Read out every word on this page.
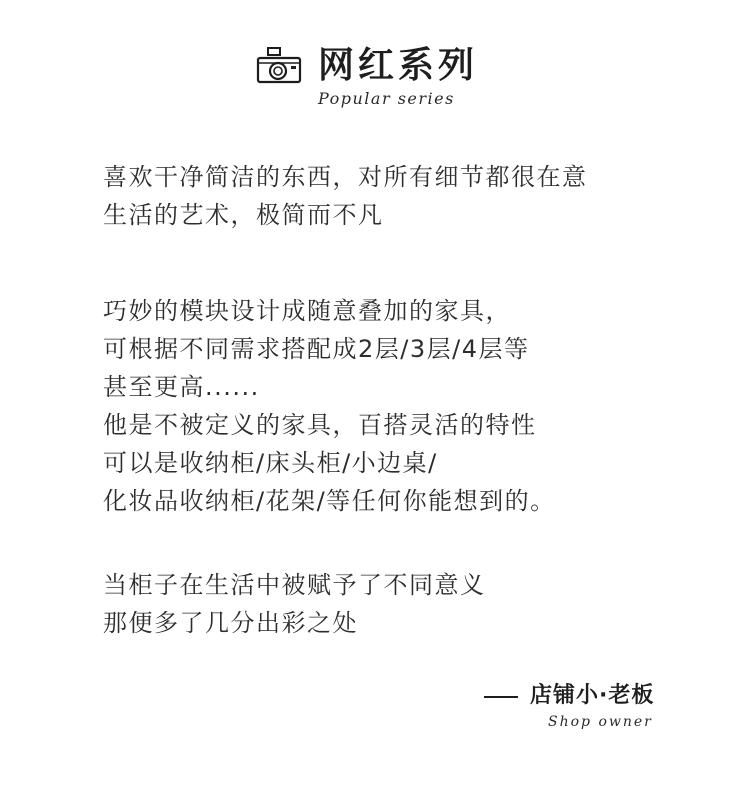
网红系列
Popular series
喜欢干净简洁的东西，对所有细节都很在意
生活的艺术，极简而不凡
巧妙的模块设计成随意叠加的家具，
可根据不同需求搭配成2层/3层/4层等
甚至更高......
他是不被定义的家具，百搭灵活的特性
可以是收纳柜/床头柜/小边桌/
化妆品收纳柜/花架/等任何你能想到的。
当柜子在生活中被赋予了不同意义
那便多了几分出彩之处
店铺小·老板
Shop owner
